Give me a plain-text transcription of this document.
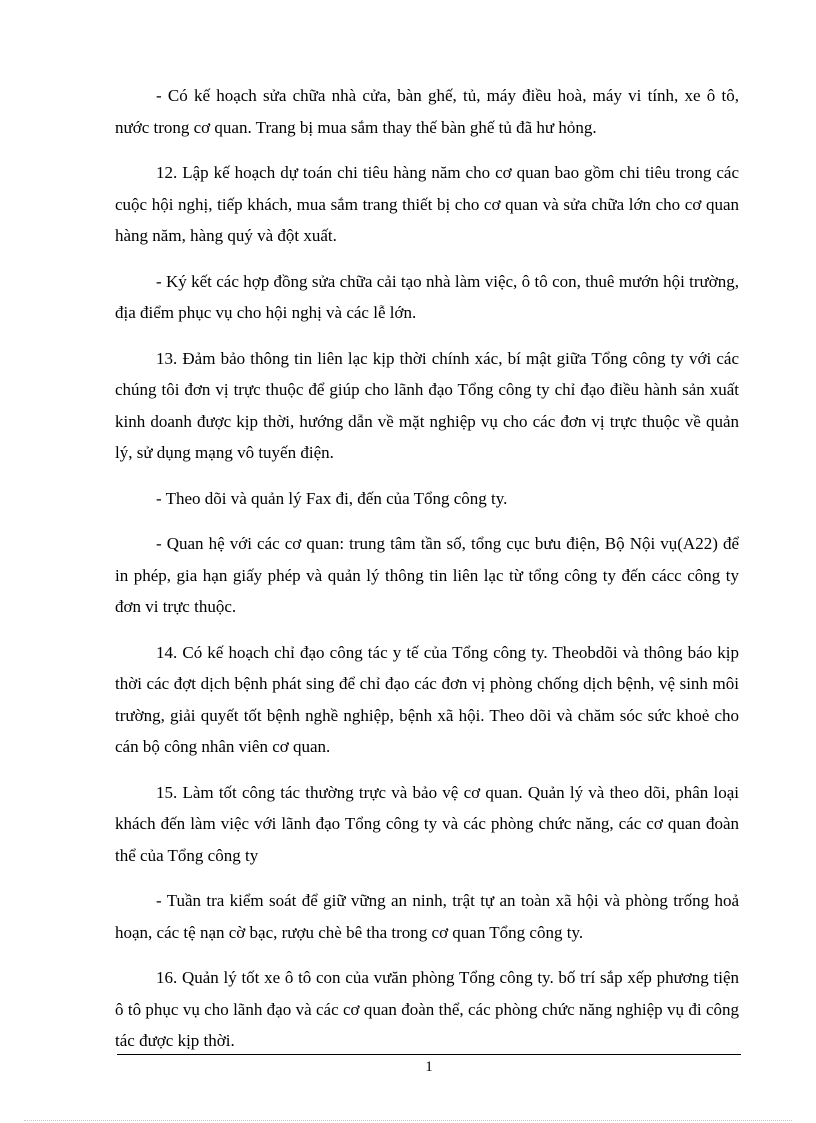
- Có kế hoạch sửa chữa nhà cửa, bàn ghế, tủ, máy điều hoà, máy vi tính, xe ô tô, nước trong cơ quan. Trang bị mua sắm thay thế bàn ghế tủ đã hư hỏng.

12. Lập kế hoạch dự toán chi tiêu hàng năm cho cơ quan bao gồm chi tiêu trong các cuộc hội nghị, tiếp khách, mua sắm trang thiết bị cho cơ quan và sửa chữa lớn cho cơ quan hàng năm, hàng quý và đột xuất.

- Ký kết các hợp đồng sửa chữa cải tạo nhà làm việc, ô tô con, thuê mướn hội trường, địa điểm phục vụ cho hội nghị và các lễ lớn.

13. Đảm bảo thông tin liên lạc kịp thời chính xác, bí mật giữa Tổng công ty với các chúng tôi đơn vị trực thuộc để giúp cho lãnh đạo Tổng công ty chỉ đạo điều hành sản xuất kinh doanh được kịp thời, hướng dẫn về mặt nghiệp vụ cho các đơn vị trực thuộc về quản lý, sử dụng mạng vô tuyến điện.

- Theo dõi và quản lý Fax đi, đến của Tổng công ty.

- Quan hệ với các cơ quan: trung tâm tần số, tổng cục bưu điện, Bộ Nội vụ(A22) để in phép, gia hạn giấy phép và quản lý thông tin liên lạc từ tổng công ty đến cácc công ty đơn vi trực thuộc.

14. Có kế hoạch chỉ đạo công tác y tế của Tổng công ty. Theobdõi và thông báo kịp thời các đợt dịch bệnh phát sing để chỉ đạo các đơn vị phòng chống dịch bệnh, vệ sinh môi trường, giải quyết tốt bệnh nghề nghiệp, bệnh xã hội. Theo dõi và chăm sóc sức khoẻ cho cán bộ công nhân viên cơ quan.

15. Làm tốt công tác thường trực và bảo vệ cơ quan. Quản lý và theo dõi, phân loại khách đến làm việc với lãnh đạo Tổng công ty và các phòng chức năng, các cơ quan đoàn thể của Tổng công ty

- Tuần tra kiểm soát để giữ vững an ninh, trật tự an toàn xã hội và phòng trống hoả hoạn, các tệ nạn cờ bạc, rượu chè bê tha trong cơ quan Tổng công ty.

16. Quản lý tốt xe ô tô con của vưăn phòng Tổng công ty. bố trí sắp xếp phương tiện ô tô phục vụ cho lãnh đạo và các cơ quan đoàn thể, các phòng chức năng nghiệp vụ đi công tác được kịp thời.

1
